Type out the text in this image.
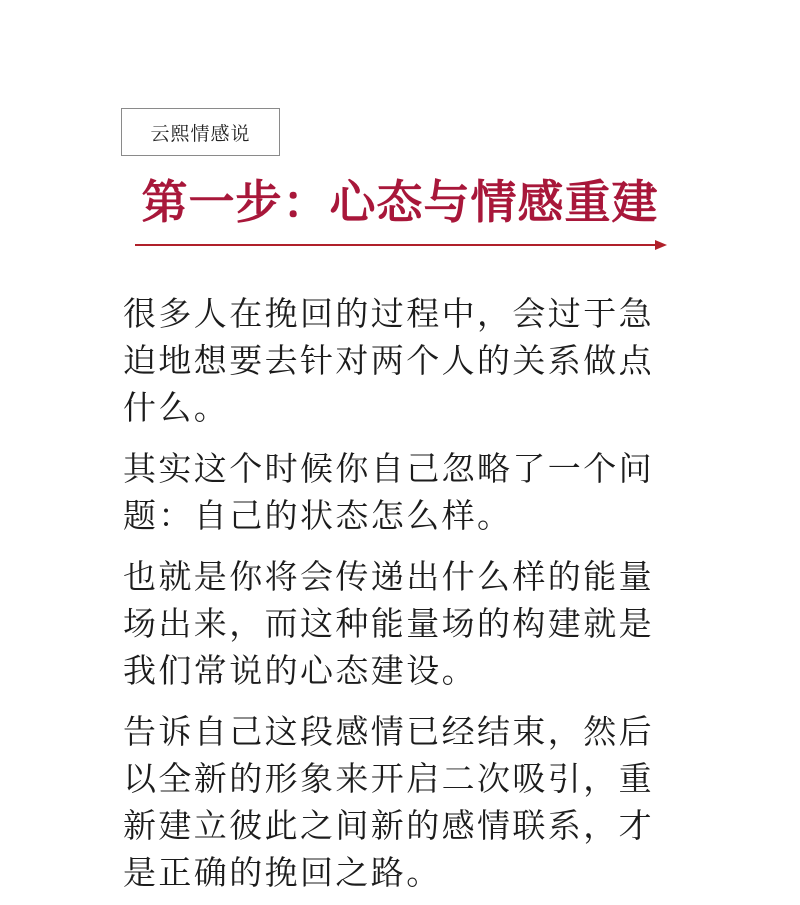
云熙情感说
第一步：心态与情感重建

很多人在挽回的过程中，会过于急迫地想要去针对两个人的关系做点什么。

其实这个时候你自己忽略了一个问题：自己的状态怎么样。

也就是你将会传递出什么样的能量场出来，而这种能量场的构建就是我们常说的心态建设。

告诉自己这段感情已经结束，然后以全新的形象来开启二次吸引，重新建立彼此之间新的感情联系，才是正确的挽回之路。
